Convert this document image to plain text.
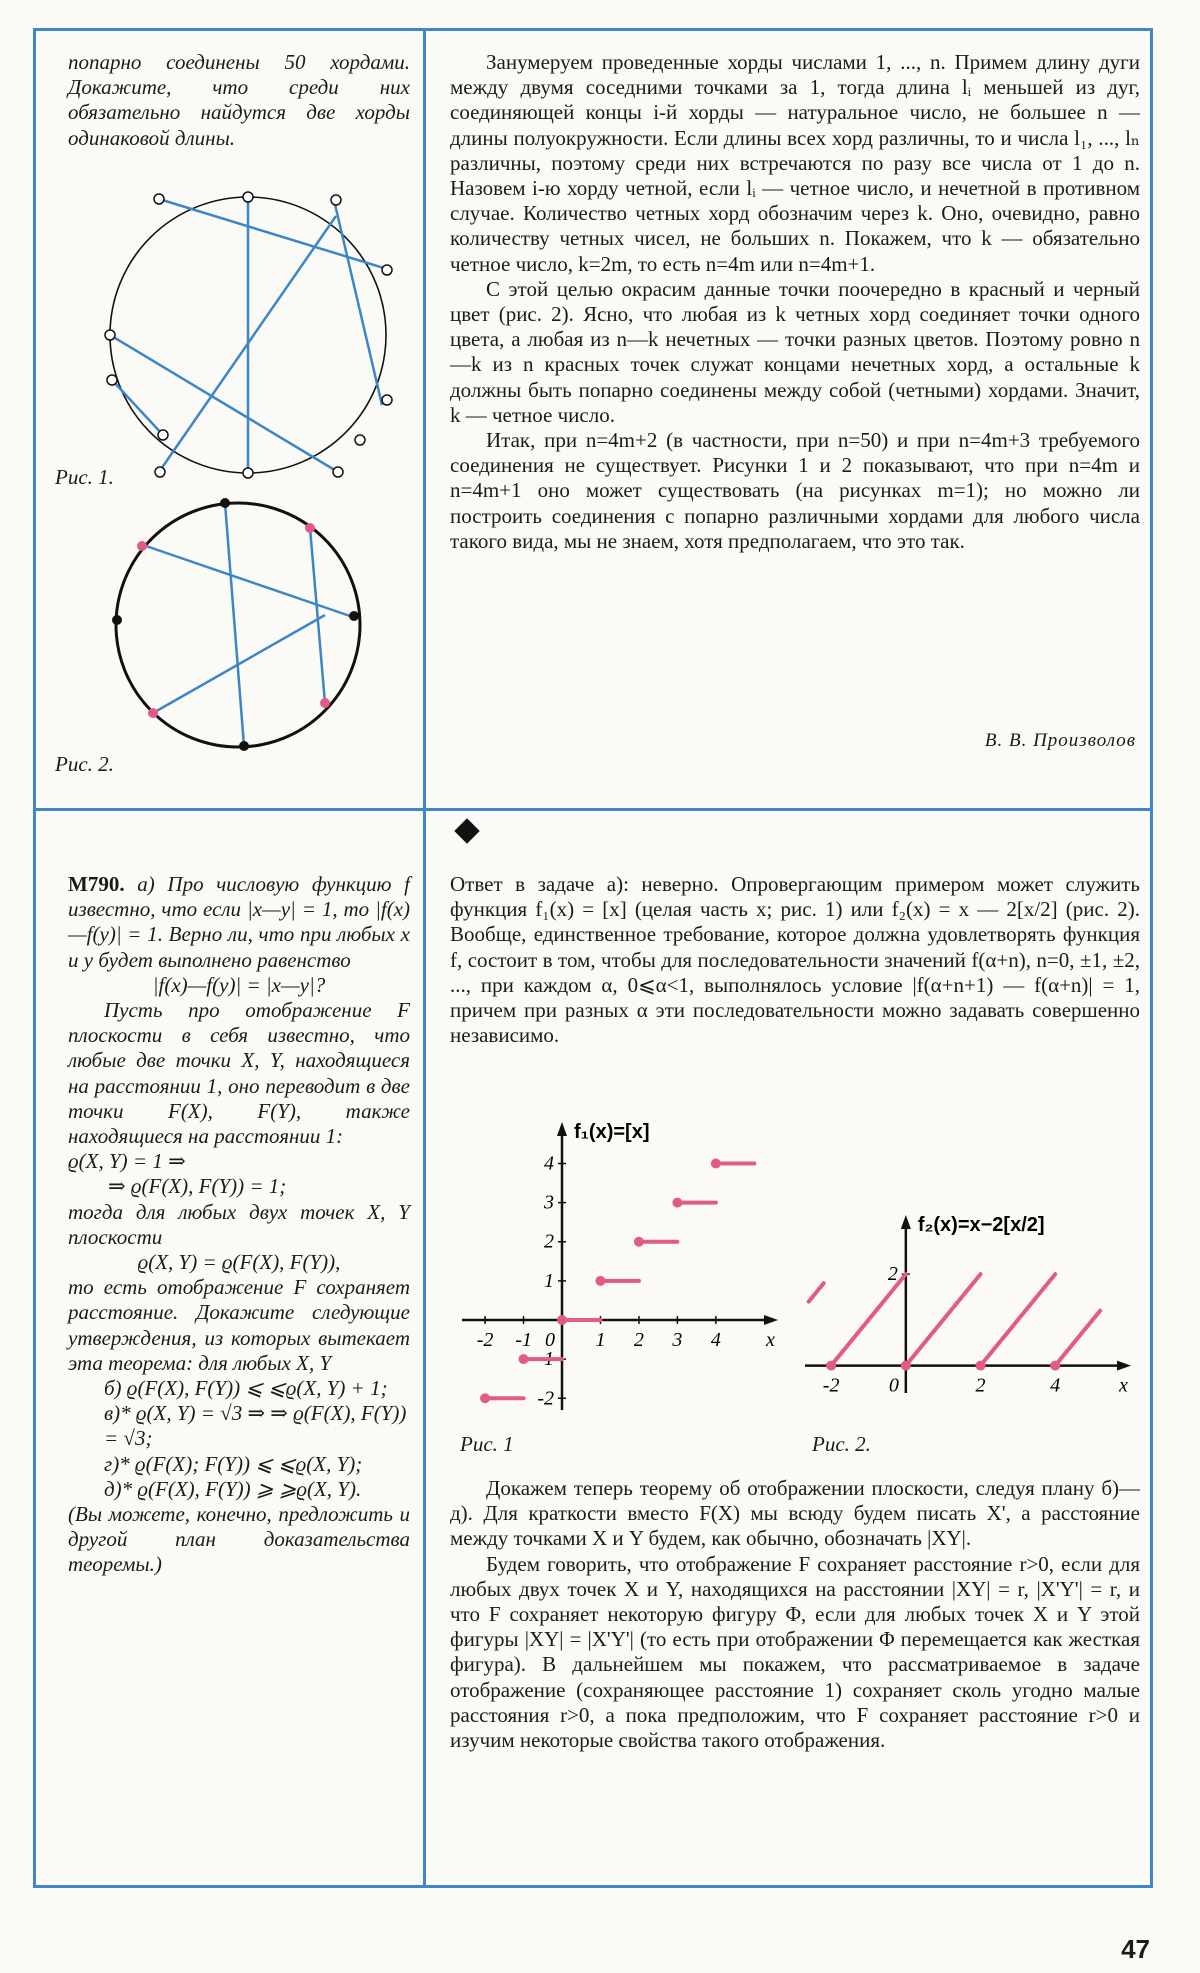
попарно соединены 50 хордами. Докажите, что среди них обязательно найдутся две хорды одинаковой длины.

Рис. 1.
Рис. 2.

Занумеруем проведенные хорды числами 1, ..., n. Примем длину дуги между двумя соседними точками за 1, тогда длина lᵢ меньшей из дуг, соединяющей концы i-й хорды — натуральное число, не большее n — длины полуокружности. Если длины всех хорд различны, то и числа l₁, ..., lₙ различны, поэтому среди них встречаются по разу все числа от 1 до n. Назовем i-ю хорду четной, если lᵢ — четное число, и нечетной в противном случае. Количество четных хорд обозначим через k. Оно, очевидно, равно количеству четных чисел, не больших n. Покажем, что k — обязательно четное число, k=2m, то есть n=4m или n=4m+1.

С этой целью окрасим данные точки поочередно в красный и черный цвет (рис. 2). Ясно, что любая из k четных хорд соединяет точки одного цвета, а любая из n—k нечетных — точки разных цветов. Поэтому ровно n—k из n красных точек служат концами нечетных хорд, а остальные k должны быть попарно соединены между собой (четными) хордами. Значит, k — четное число.

Итак, при n=4m+2 (в частности, при n=50) и при n=4m+3 требуемого соединения не существует. Рисунки 1 и 2 показывают, что при n=4m и n=4m+1 оно может существовать (на рисунках m=1); но можно ли построить соединения с попарно различными хордами для любого числа такого вида, мы не знаем, хотя предполагаем, что это так.

В. В. Произволов

М790. а) Про числовую функцию f известно, что если |x—y| = 1, то |f(x)—f(y)| = 1. Верно ли, что при любых x и y будет выполнено равенство

|f(x)—f(y)| = |x—y|?

Пусть про отображение F плоскости в себя известно, что любые две точки X, Y, находящиеся на расстоянии 1, оно переводит в две точки F(X), F(Y), также находящиеся на расстоянии 1:

ϱ(X, Y) = 1 ⇒

⇒ ϱ(F(X), F(Y)) = 1;

тогда для любых двух точек X, Y плоскости

ϱ(X, Y) = ϱ(F(X), F(Y)),

то есть отображение F сохраняет расстояние. Докажите следующие утверждения, из которых вытекает эта теорема: для любых X, Y

б) ϱ(F(X), F(Y)) ⩽ ⩽ϱ(X, Y) + 1;

в)* ϱ(X, Y) = √3 ⇒ ⇒ ϱ(F(X), F(Y)) = √3;

г)* ϱ(F(X); F(Y)) ⩽ ⩽ϱ(X, Y);

д)* ϱ(F(X), F(Y)) ⩾ ⩾ϱ(X, Y).

(Вы можете, конечно, предложить и другой план доказательства теоремы.)

Ответ в задаче а): неверно. Опровергающим примером может служить функция f₁(x) = [x] (целая часть x; рис. 1) или f₂(x) = x — 2[x/2] (рис. 2). Вообще, единственное требование, которое должна удовлетворять функция f, состоит в том, чтобы для последовательности значений f(α+n), n=0, ±1, ±2, ..., при каждом α, 0⩽α<1, выполнялось условие |f(α+n+1) — f(α+n)| = 1, причем при разных α эти последовательности можно задавать совершенно независимо.

-2 -1 0 1 2 3 4
-2
-1
1
2
3
4
x
f₁(x)=[x]
-2 0	2	4
2
x
f₂(x)=x−2[x/2]
Рис. 1	Рис. 2.

Докажем теперь теорему об отображении плоскости, следуя плану б)—д). Для краткости вместо F(X) мы всюду будем писать X', а расстояние между точками X и Y будем, как обычно, обозначать |XY|.

Будем говорить, что отображение F сохраняет расстояние r>0, если для любых двух точек X и Y, находящихся на расстоянии |XY| = r, |X'Y'| = r, и что F сохраняет некоторую фигуру Φ, если для любых точек X и Y этой фигуры |XY| = |X'Y'| (то есть при отображении Φ перемещается как жесткая фигура). В дальнейшем мы покажем, что рассматриваемое в задаче отображение (сохраняющее расстояние 1) сохраняет сколь угодно малые расстояния r>0, а пока предположим, что F сохраняет расстояние r>0 и изучим некоторые свойства такого отображения.

47
